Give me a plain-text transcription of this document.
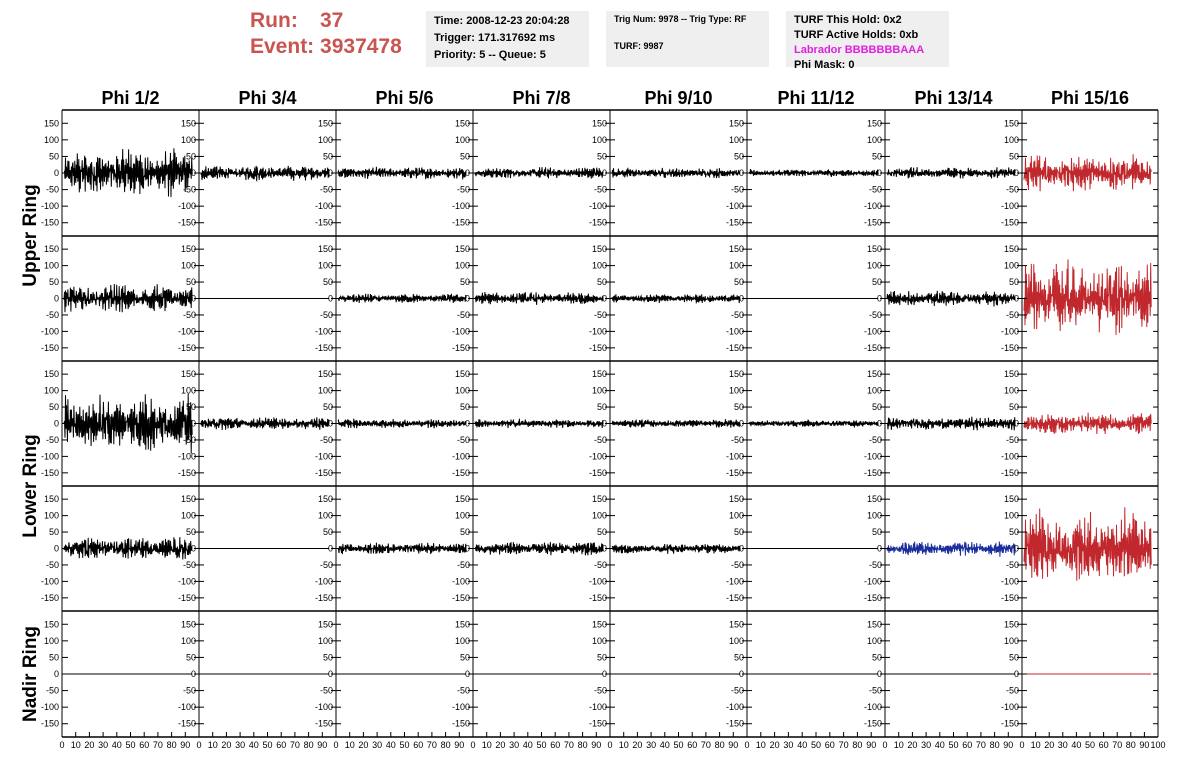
Run: 37
Event: 3937478
Time: 2008-12-23 20:04:28
Trigger: 171.317692 ms
Priority: 5 -- Queue: 5
Trig Num: 9978 -- Trig Type: RF
TURF: 9987
TURF This Hold: 0x2
TURF Active Holds: 0xb
Labrador BBBBBBBAAA
Phi Mask: 0
Phi 1/2	Phi 3/4	Phi 5/6	Phi 7/8	Phi 9/10	Phi 11/12	Phi 13/14	Phi 15/16
Upper Ring
Lower Ring
Nadir Ring
-150	-150
-100	-100
-50	-50
0	0
50	50
100	100
150	150
-150
-100
-50
0
50
100
150
-150
-100
-50
0
50
100
150
-150
-100
-50
0
50
100
150
-150
-100
-50
0
50
100
150
-150
-100
-50
0
50
100
150
-150
-100
-50
0
50
100
150
-150	-150
-100	-100
-50	-50
0	0
50	50
100	100
150	150
-150
-100
-50
0
50
100
150
-150
-100
-50
0
50
100
150
-150
-100
-50
0
50
100
150
-150
-100
-50
0
50
100
150
-150
-100
-50
0
50
100
150
-150
-100
-50
0
50
100
150
-150	-150
-100	-100
-50	-50
0	0
50	50
100	100
150	150
-150
-100
-50
0
50
100
150
-150
-100
-50
0
50
100
150
-150
-100
-50
0
50
100
150
-150
-100
-50
0
50
100
150
-150
-100
-50
0
50
100
150
-150
-100
-50
0
50
100
150
-150	-150
-100	-100
-50	-50
0	0
50	50
100	100
150	150
-150
-100
-50
0
50
100
150
-150
-100
-50
0
50
100
150
-150
-100
-50
0
50
100
150
-150
-100
-50
0
50
100
150
-150
-100
-50
0
50
100
150
-150
-100
-50
0
50
100
150
-150	-150
-100	-100
-50	-50
0	0
50	50
100	100
150	150
-150
-100
-50
0
50
100
150
-150
-100
-50
0
50
100
150
-150
-100
-50
0
50
100
150
-150
-100
-50
0
50
100
150
-150
-100
-50
0
50
100
150
-150
-100
-50
0
50
100
150
0 10 20 30 40 50 60 70 80 90 0 10 20 30 40 50 60 70 80 90 0 10 20 30 40 50 60 70 80 90 0 10 20 30 40 50 60 70 80 90 0 10 20 30 40 50 60 70 80 90 0 10 20 30 40 50 60 70 80 90 0 10 20 30 40 50 60 70 80 90 0 10 20 30 40 50 60 70 80 90 100
